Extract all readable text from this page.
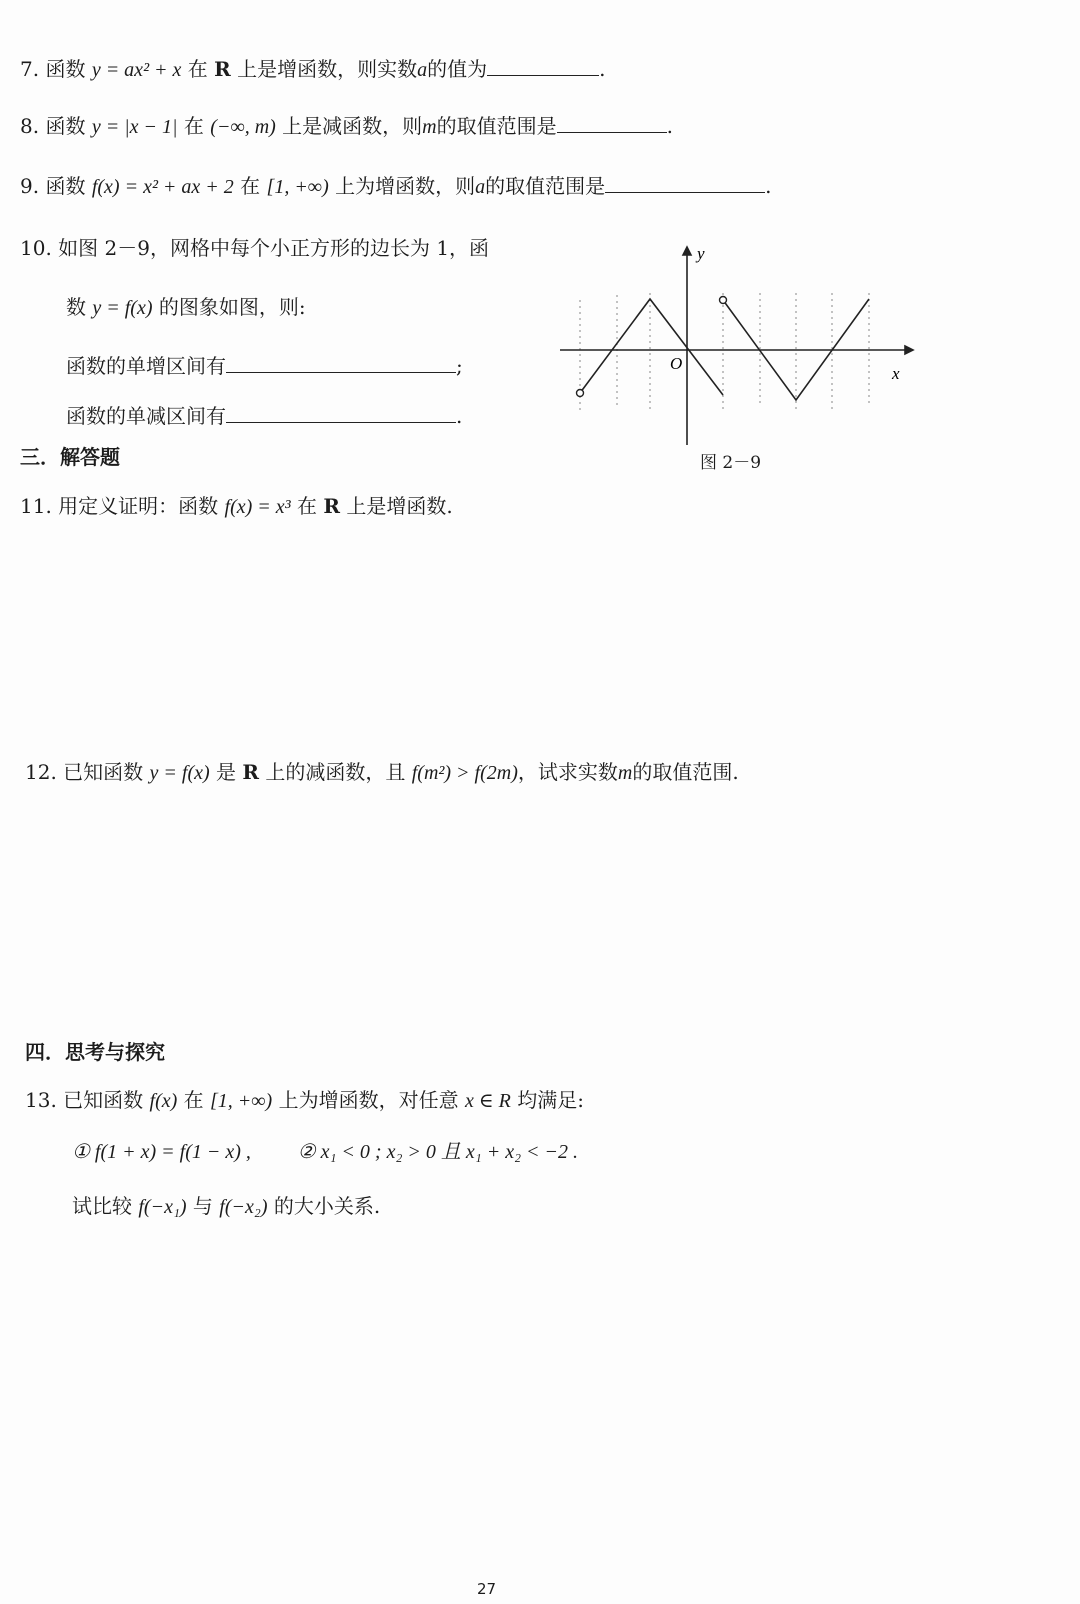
7. 函数 y = ax² + x 在 R 上是增函数，则实数a的值为	.
8. 函数 y = |x − 1| 在 (−∞, m) 上是减函数，则m的取值范围是	.
9. 函数 f(x) = x² + ax + 2 在 [1, +∞) 上为增函数，则a的取值范围是	.
10. 如图 2－9，网格中每个小正方形的边长为 1，函
数 y = f(x) 的图象如图，则:
函数的单增区间有	;
函数的单减区间有	.
y
x
O
图 2－9
三．解答题
11. 用定义证明：函数 f(x) = x³ 在 R 上是增函数.
12. 已知函数 y = f(x) 是 R 上的减函数，且 f(m²) > f(2m)，试求实数m的取值范围.
四．思考与探究
13. 已知函数 f(x) 在 [1, +∞) 上为增函数，对任意 x ∈ R 均满足:
① f(1 + x) = f(1 − x) , ② x₁ < 0 ; x₂ > 0 且 x₁ + x₂ < −2 .
试比较 f(−x₁) 与 f(−x₂) 的大小关系.
27
